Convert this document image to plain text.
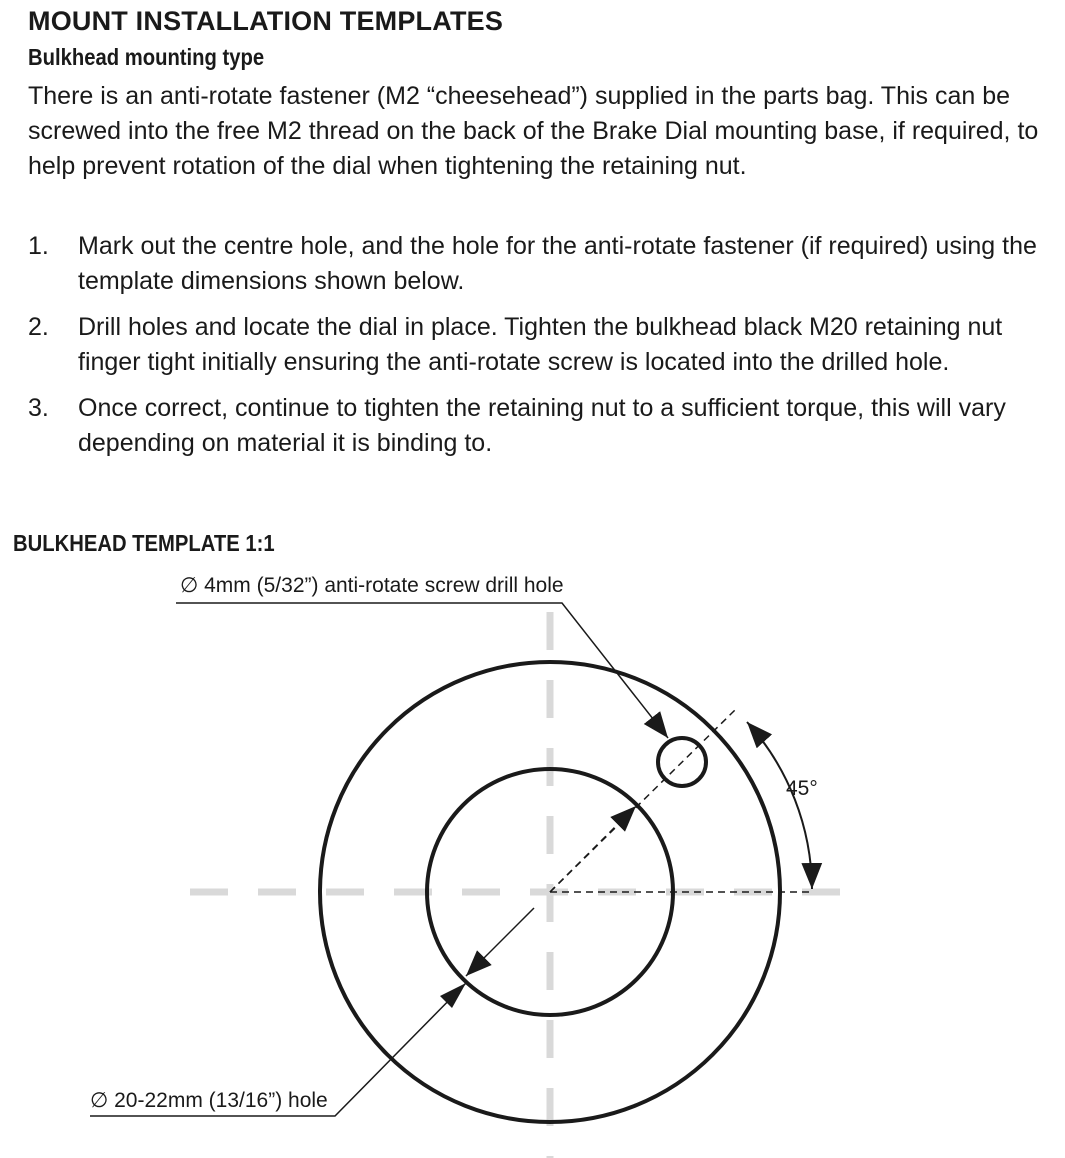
MOUNT INSTALLATION TEMPLATES
Bulkhead mounting type

There is an anti-rotate fastener (M2 “cheesehead”) supplied in the parts bag. This can be screwed into the free M2 thread on the back of the Brake Dial mounting base, if required, to help prevent rotation of the dial when tightening the retaining nut.

1. Mark out the centre hole, and the hole for the anti-rotate fastener (if required) using the template dimensions shown below.
2. Drill holes and locate the dial in place. Tighten the bulkhead black M20 retaining nut finger tight initially ensuring the anti-rotate screw is located into the drilled hole.
3. Once correct, continue to tighten the retaining nut to a sufficient torque, this will vary depending on material it is binding to.
BULKHEAD TEMPLATE 1:1
∅ 4mm (5/32”) anti-rotate screw drill hole
45°
∅ 20-22mm (13/16”) hole
